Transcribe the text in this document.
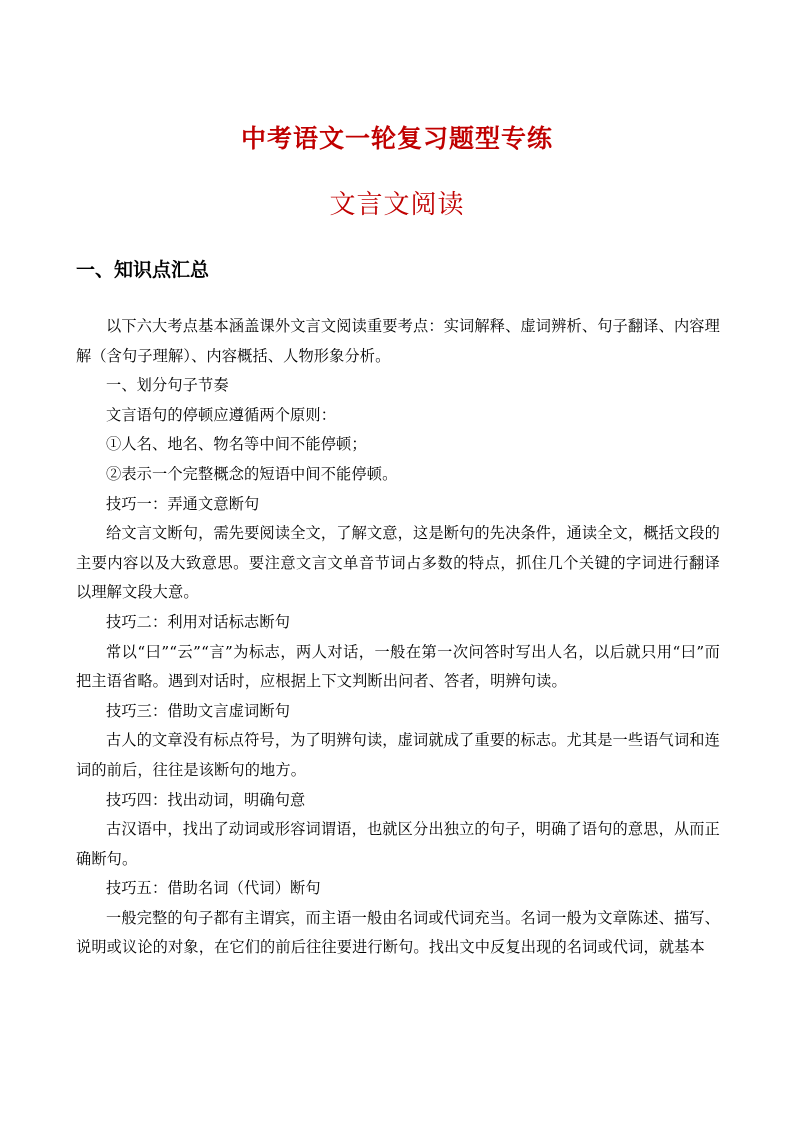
中考语文一轮复习题型专练
文言文阅读
一、知识点汇总

以下六大考点基本涵盖课外文言文阅读重要考点：实词解释、虚词辨析、句子翻译、内容理解（含句子理解）、内容概括、人物形象分析。

一、划分句子节奏

文言语句的停顿应遵循两个原则：

①人名、地名、物名等中间不能停顿；

②表示一个完整概念的短语中间不能停顿。

技巧一：弄通文意断句

给文言文断句，需先要阅读全文，了解文意，这是断句的先决条件，通读全文，概括文段的主要内容以及大致意思。要注意文言文单音节词占多数的特点，抓住几个关键的字词进行翻译以理解文段大意。

技巧二：利用对话标志断句

常以“曰”“云”“言”为标志，两人对话，一般在第一次问答时写出人名，以后就只用“曰”而把主语省略。遇到对话时，应根据上下文判断出问者、答者，明辨句读。

技巧三：借助文言虚词断句

古人的文章没有标点符号，为了明辨句读，虚词就成了重要的标志。尤其是一些语气词和连词的前后，往往是该断句的地方。

技巧四：找出动词，明确句意

古汉语中，找出了动词或形容词谓语，也就区分出独立的句子，明确了语句的意思，从而正确断句。

技巧五：借助名词（代词）断句

一般完整的句子都有主谓宾，而主语一般由名词或代词充当。名词一般为文章陈述、描写、说明或议论的对象，在它们的前后往往要进行断句。找出文中反复出现的名词或代词，就基本
